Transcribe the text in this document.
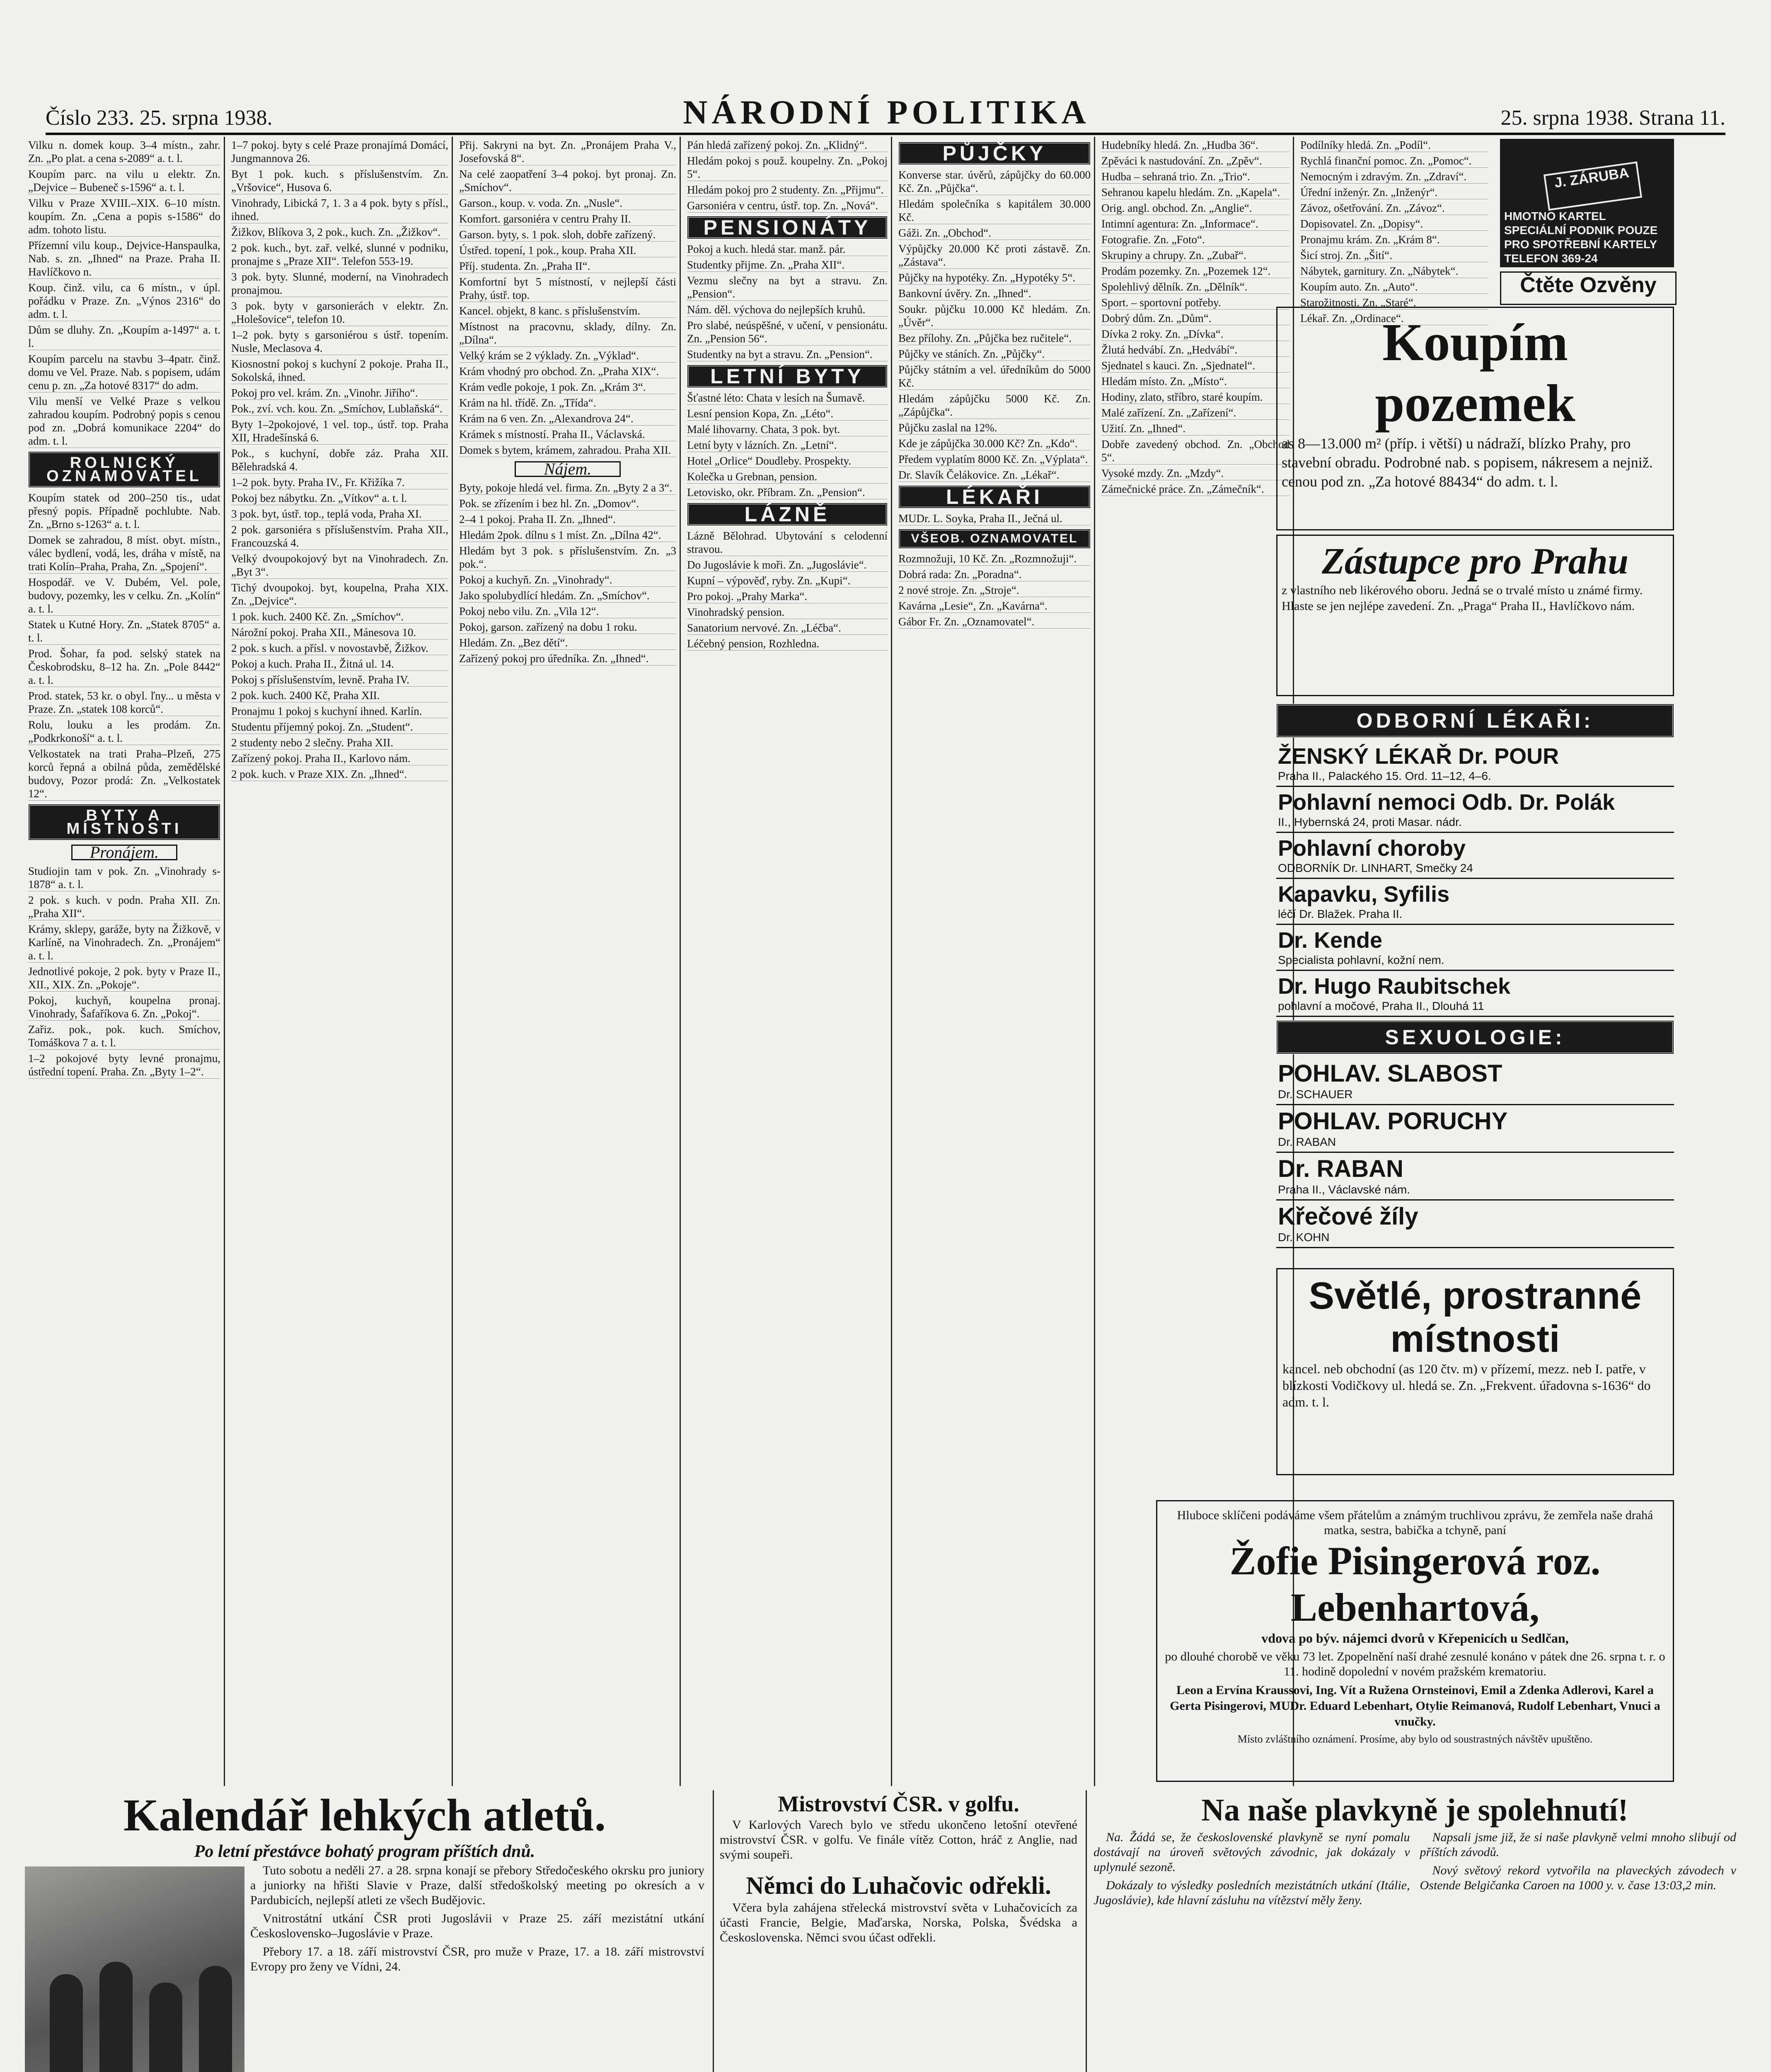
Číslo 233. 25. srpna 1938.	NÁRODNÍ POLITIKA	25. srpna 1938. Strana 11.

Vilku n. domek koup. 3–4 místn., zahr. Zn. „Po plat. a cena s-2089“ a. t. l.

Koupím parc. na vilu u elektr. Zn. „Dejvice – Bubeneč s-1596“ a. t. l.

Vilku v Praze XVIII.–XIX. 6–10 místn. koupím. Zn. „Cena a popis s-1586“ do adm. tohoto listu.

Přízemní vilu koup., Dejvice-Hanspaulka, Nab. s. zn. „Ihned“ na Praze. Praha II. Havlíčkovo n.

Koup. činž. vilu, ca 6 místn., v úpl. pořádku v Praze. Zn. „Výnos 2316“ do adm. t. l.

Dům se dluhy. Zn. „Koupím a-1497“ a. t. l.

Koupím parcelu na stavbu 3–4patr. činž. domu ve Vel. Praze. Nab. s popisem, udám cenu p. zn. „Za hotové 8317“ do adm.

Vilu menší ve Velké Praze s velkou zahradou koupím. Podrobný popis s cenou pod zn. „Dobrá komunikace 2204“ do adm. t. l.

ROLNICKÝ OZNAMOVATEL

Koupím statek od 200–250 tis., udat přesný popis. Případně pochlubte. Nab. Zn. „Brno s-1263“ a. t. l.

Domek se zahradou, 8 míst. obyt. místn., válec bydlení, vodá, les, dráha v místě, na trati Kolín–Praha, Praha, Zn. „Spojení“.

Hospodář. ve V. Dubém, Vel. pole, budovy, pozemky, les v celku. Zn. „Kolín“ a. t. l.

Statek u Kutné Hory. Zn. „Statek 8705“ a. t. l.

Prod. Šohar, fa pod. selský statek na Českobrodsku, 8–12 ha. Zn. „Pole 8442“ a. t. l.

Prod. statek, 53 kr. o obyl. ľny... u města v Praze. Zn. „statek 108 korců“.

Rolu, louku a les prodám. Zn. „Podkrkonoší“ a. t. l.

Velkostatek na trati Praha–Plzeň, 275 korců řepná a obilná půda, zemědělské budovy, Pozor prodá: Zn. „Velkostatek 12“.

BYTY A MÍSTNOSTI
Pronájem.

Studiojin tam v pok. Zn. „Vinohrady s-1878“ a. t. l.

2 pok. s kuch. v podn. Praha XII. Zn. „Praha XII“.

Krámy, sklepy, garáže, byty na Žižkově, v Karlíně, na Vinohradech. Zn. „Pronájem“ a. t. l.

Jednotlivé pokoje, 2 pok. byty v Praze II., XII., XIX. Zn. „Pokoje“.

Pokoj, kuchyň, koupelna pronaj. Vinohrady, Šafaříkova 6. Zn. „Pokoj“.

Zařiz. pok., pok. kuch. Smíchov, Tomáškova 7 a. t. l.

1–2 pokojové byty levné pronajmu, ústřední topení. Praha. Zn. „Byty 1–2“.

1–7 pokoj. byty s celé Praze pronajímá Domácí, Jungmannova 26.

Byt 1 pok. kuch. s příslušenstvím. Zn. „Vršovice“, Husova 6.

Vinohrady, Libická 7, 1. 3 a 4 pok. byty s přísl., ihned.

Žižkov, Blíkova 3, 2 pok., kuch. Zn. „Žižkov“.

2 pok. kuch., byt. zař. velké, slunné v podniku, pronajme s „Praze XII“. Telefon 553-19.

3 pok. byty. Slunné, moderní, na Vinohradech pronajmou.

3 pok. byty v garsonierách v elektr. Zn. „Holešovice“, telefon 10.

1–2 pok. byty s garsoniérou s ústř. topením. Nusle, Meclasova 4.

Kiosnostní pokoj s kuchyní 2 pokoje. Praha II., Sokolská, ihned.

Pokoj pro vel. krám. Zn. „Vinohr. Jiřího“.

Pok., zví. vch. kou. Zn. „Smíchov, Lublaňská“.

Byty 1–2pokojové, 1 vel. top., ústř. top. Praha XII, Hradešínská 6.

Pok., s kuchyní, dobře záz. Praha XII. Bělehradská 4.

1–2 pok. byty. Praha IV., Fr. Křižíka 7.

Pokoj bez nábytku. Zn. „Vítkov“ a. t. l.

3 pok. byt, ústř. top., teplá voda, Praha XI.

2 pok. garsoniéra s příslušenstvím. Praha XII., Francouzská 4.

Velký dvoupokojový byt na Vinohradech. Zn. „Byt 3“.

Tichý dvoupokoj. byt, koupelna, Praha XIX. Zn. „Dejvice“.

1 pok. kuch. 2400 Kč. Zn. „Smíchov“.

Nárožní pokoj. Praha XII., Mánesova 10.

2 pok. s kuch. a přísl. v novostavbě, Žižkov.

Pokoj a kuch. Praha II., Žitná ul. 14.

Pokoj s příslušenstvím, levně. Praha IV.

2 pok. kuch. 2400 Kč, Praha XII.

Pronajmu 1 pokoj s kuchyní ihned. Karlín.

Studentu příjemný pokoj. Zn. „Student“.

2 studenty nebo 2 slečny. Praha XII.

Zařízený pokoj. Praha II., Karlovo nám.

2 pok. kuch. v Praze XIX. Zn. „Ihned“.

Přij. Sakryni na byt. Zn. „Pronájem Praha V., Josefovská 8“.

Na celé zaopatření 3–4 pokoj. byt pronaj. Zn. „Smíchov“.

Garson., koup. v. voda. Zn. „Nusle“.

Komfort. garsoniéra v centru Prahy II.

Garson. byty, s. 1 pok. sloh, dobře zařízený.

Ústřed. topení, 1 pok., koup. Praha XII.

Příj. studenta. Zn. „Praha II“.

Komfortní byt 5 místností, v nejlepší části Prahy, ústř. top.

Kancel. objekt, 8 kanc. s příslušenstvím.

Místnost na pracovnu, sklady, dílny. Zn. „Dílna“.

Velký krám se 2 výklady. Zn. „Výklad“.

Krám vhodný pro obchod. Zn. „Praha XIX“.

Krám vedle pokoje, 1 pok. Zn. „Krám 3“.

Krám na hl. třídě. Zn. „Třída“.

Krám na 6 ven. Zn. „Alexandrova 24“.

Krámek s místností. Praha II., Václavská.

Domek s bytem, krámem, zahradou. Praha XII.

Nájem.

Byty, pokoje hledá vel. firma. Zn. „Byty 2 a 3“.

Pok. se zřízením i bez hl. Zn. „Domov“.

2–4 1 pokoj. Praha II. Zn. „Ihned“.

Hledám 2pok. dílnu s 1 míst. Zn. „Dílna 42“.

Hledám byt 3 pok. s příslušenstvím. Zn. „3 pok.“.

Pokoj a kuchyň. Zn. „Vinohrady“.

Jako spolubydlící hledám. Zn. „Smíchov“.

Pokoj nebo vilu. Zn. „Vila 12“.

Pokoj, garson. zařízený na dobu 1 roku.

Hledám. Zn. „Bez dětí“.

Zařízený pokoj pro úředníka. Zn. „Ihned“.

Pán hledá zařízený pokoj. Zn. „Klidný“.

Hledám pokoj s použ. koupelny. Zn. „Pokoj 5“.

Hledám pokoj pro 2 studenty. Zn. „Přijmu“.

Garsoniéra v centru, ústř. top. Zn. „Nová“.

PENSIONÁTY

Pokoj a kuch. hledá star. manž. pár.

Studentky přijme. Zn. „Praha XII“.

Vezmu slečny na byt a stravu. Zn. „Pension“.

Nám. děl. výchova do nejlepších kruhů.

Pro slabé, neúspěšné, v učení, v pensionátu. Zn. „Pension 56“.

Studentky na byt a stravu. Zn. „Pension“.

LETNÍ BYTY

Šťastné léto: Chata v lesích na Šumavě.

Lesní pension Kopa, Zn. „Léto“.

Malé lihovarny. Chata, 3 pok. byt.

Letní byty v lázních. Zn. „Letní“.

Hotel „Orlice“ Doudleby. Prospekty.

Kolečka u Grebnan, pension.

Letovisko, okr. Příbram. Zn. „Pension“.

LÁZNĚ

Lázně Bělohrad. Ubytování s celodenní stravou.

Do Jugoslávie k moři. Zn. „Jugoslávie“.

Kupní – výpověď, ryby. Zn. „Kupi“.

Pro pokoj. „Prahy Marka“.

Vinohradský pension.

Sanatorium nervové. Zn. „Léčba“.

Léčebný pension, Rozhledna.

PŮJČKY

Konverse star. úvěrů, zápůjčky do 60.000 Kč. Zn. „Půjčka“.

Hledám společníka s kapitálem 30.000 Kč.

Gáži. Zn. „Obchod“.

Výpůjčky 20.000 Kč proti zástavě. Zn. „Zástava“.

Půjčky na hypotéky. Zn. „Hypotéky 5“.

Bankovní úvěry. Zn. „Ihned“.

Soukr. půjčku 10.000 Kč hledám. Zn. „Úvěr“.

Bez přílohy. Zn. „Půjčka bez ručitele“.

Půjčky ve stáních. Zn. „Půjčky“.

Půjčky státním a vel. úředníkům do 5000 Kč.

Hledám zápůjčku 5000 Kč. Zn. „Zápůjčka“.

Půjčku zaslal na 12%.

Kde je zápůjčka 30.000 Kč? Zn. „Kdo“.

Předem vyplatím 8000 Kč. Zn. „Výplata“.

Dr. Slavík Čelákovice. Zn. „Lékař“.

LÉKAŘI

MUDr. L. Soyka, Praha II., Ječná ul.

VŠEOB. OZNAMOVATEL

Rozmnožuji, 10 Kč. Zn. „Rozmnožuji“.

Dobrá rada: Zn. „Poradna“.

2 nové stroje. Zn. „Stroje“.

Kavárna „Lesie“, Zn. „Kavárna“.

Gábor Fr. Zn. „Oznamovatel“.

Hudebníky hledá. Zn. „Hudba 36“.

Zpěváci k nastudování. Zn. „Zpěv“.

Hudba – sehraná trio. Zn. „Trio“.

Sehranou kapelu hledám. Zn. „Kapela“.

Orig. angl. obchod. Zn. „Anglie“.

Intimní agentura: Zn. „Informace“.

Fotografie. Zn. „Foto“.

Skrupiny a chrupy. Zn. „Zubař“.

Prodám pozemky. Zn. „Pozemek 12“.

Spolehlivý dělník. Zn. „Dělník“.

Sport. – sportovní potřeby.

Dobrý dům. Zn. „Dům“.

Dívka 2 roky. Zn. „Dívka“.

Žlutá hedvábí. Zn. „Hedvábí“.

Sjednatel s kauci. Zn. „Sjednatel“.

Hledám místo. Zn. „Místo“.

Hodiny, zlato, stříbro, staré koupím.

Malé zařízení. Zn. „Zařízení“.

Užití. Zn. „Ihned“.

Dobře zavedený obchod. Zn. „Obchod 5“.

Vysoké mzdy. Zn. „Mzdy“.

Zámečnické práce. Zn. „Zámečník“.

Podílníky hledá. Zn. „Podíl“.

Rychlá finanční pomoc. Zn. „Pomoc“.

Nemocným i zdravým. Zn. „Zdraví“.

Úřední inženýr. Zn. „Inženýr“.

Závoz, ošetřování. Zn. „Závoz“.

Dopisovatel. Zn. „Dopisy“.

Pronajmu krám. Zn. „Krám 8“.

Šicí stroj. Zn. „Šití“.

Nábytek, garnitury. Zn. „Nábytek“.

Koupím auto. Zn. „Auto“.

Starožitnosti. Zn. „Staré“.

Lékař. Zn. „Ordinace“.

J. ZÁRUBA
HMOTNO KARTEL
SPECIÁLNÍ PODNIK POUZE PRO SPOTŘEBNÍ KARTELY
TELEFON 369-24
Čtěte Ozvěny
Koupím pozemek
as 8—13.000 m² (příp. i větší) u nádraží, blízko Prahy, pro stavební obradu. Podrobné nab. s popisem, nákresem a nejniž. cenou pod zn. „Za hotové 88434“ do adm. t. l.
Zástupce pro Prahu
z vlastního neb likérového oboru. Jedná se o trvalé místo u známé firmy. Hlaste se jen nejlépe zavedení. Zn. „Praga“ Praha II., Havlíčkovo nám.
ODBORNÍ LÉKAŘI:
ŽENSKÝ LÉKAŘ Dr. POUR
Praha II., Palackého 15. Ord. 11–12, 4–6.
Pohlavní nemoci Odb. Dr. Polák
II., Hybernská 24, proti Masar. nádr.
Pohlavní choroby
ODBORNÍK Dr. LINHART, Smečky 24
Kapavku, Syfilis
léčí Dr. Blažek. Praha II.
Dr. Kende
Specialista pohlavní, kožní nem.
Dr. Hugo Raubitschek
pohlavní a močové, Praha II., Dlouhá 11
SEXUOLOGIE:
POHLAV. SLABOST
Dr. SCHAUER
POHLAV. PORUCHY
Dr. RABAN
Dr. RABAN
Praha II., Václavské nám.
Křečové žíly
Dr. KOHN
Světlé, prostranné místnosti
kancel. neb obchodní (as 120 čtv. m) v přízemí, mezz. neb I. patře, v blízkosti Vodičkovy ul. hledá se. Zn. „Frekvent. úřadovna s-1636“ do adm. t. l.
Hluboce sklíčeni podáváme všem přátelům a známým truchlivou zprávu, že zemřela naše drahá matka, sestra, babička a tchyně, paní
Žofie Pisingerová roz. Lebenhartová,
vdova po býv. nájemci dvorů v Křepenicích u Sedlčan,
po dlouhé chorobě ve věku 73 let. Zpopelnění naší drahé zesnulé konáno v pátek dne 26. srpna t. r. o 11. hodině dopolední v novém pražském krematoriu.
Leon a Ervína Kraussovi, Ing. Vít a Ružena Ornsteinovi, Emil a Zdenka Adlerovi, Karel a Gerta Pisingerovi, MUDr. Eduard Lebenhart, Otylie Reimanová, Rudolf Lebenhart, Vnuci a vnučky.
Místo zvláštního oznámení. Prosíme, aby bylo od soustrastných návštěv upuštěno.
Kalendář lehkých atletů.
Po letní přestávce bohatý program příštích dnů.

Tuto sobotu a neděli 27. a 28. srpna konají se přebory Středočeského okrsku pro juniory a juniorky na hřišti Slavie v Praze, další středoškolský meeting po okresích a v Pardubicích, nejlepší atleti ze všech Budějovic.

Vnitrostátní utkání ČSR proti Jugoslávii v Praze 25. září mezistátní utkání Československo–Jugoslávie v Praze.

Přebory 17. a 18. září mistrovství ČSR, pro muže v Praze, 17. a 18. září mistrovství Evropy pro ženy ve Vídni, 24.

Mistrovství ČSR. v golfu.

V Karlových Varech bylo ve středu ukončeno letošní otevřené mistrovství ČSR. v golfu. Ve finále vítěz Cotton, hráč z Anglie, nad svými soupeři.

Němci do Luhačovic odřekli.

Včera byla zahájena střelecká mistrovství světa v Luhačovicích za účasti Francie, Belgie, Maďarska, Norska, Polska, Švédska a Československa. Němci svou účast odřekli.

Na naše plavkyně je spolehnutí!

Na. Žádá se, že československé plavkyně se nyní pomalu dostávají na úroveň světových závodnic, jak dokázaly v uplynulé sezoně.

Dokázaly to výsledky posledních mezistátních utkání (Itálie, Jugoslávie), kde hlavní zásluhu na vítězství měly ženy.

Napsali jsme již, že si naše plavkyně velmi mnoho slibují od příštích závodů.

Nový světový rekord vytvořila na plaveckých závodech v Ostende Belgičanka Caroen na 1000 y. v. čase 13:03,2 min.
